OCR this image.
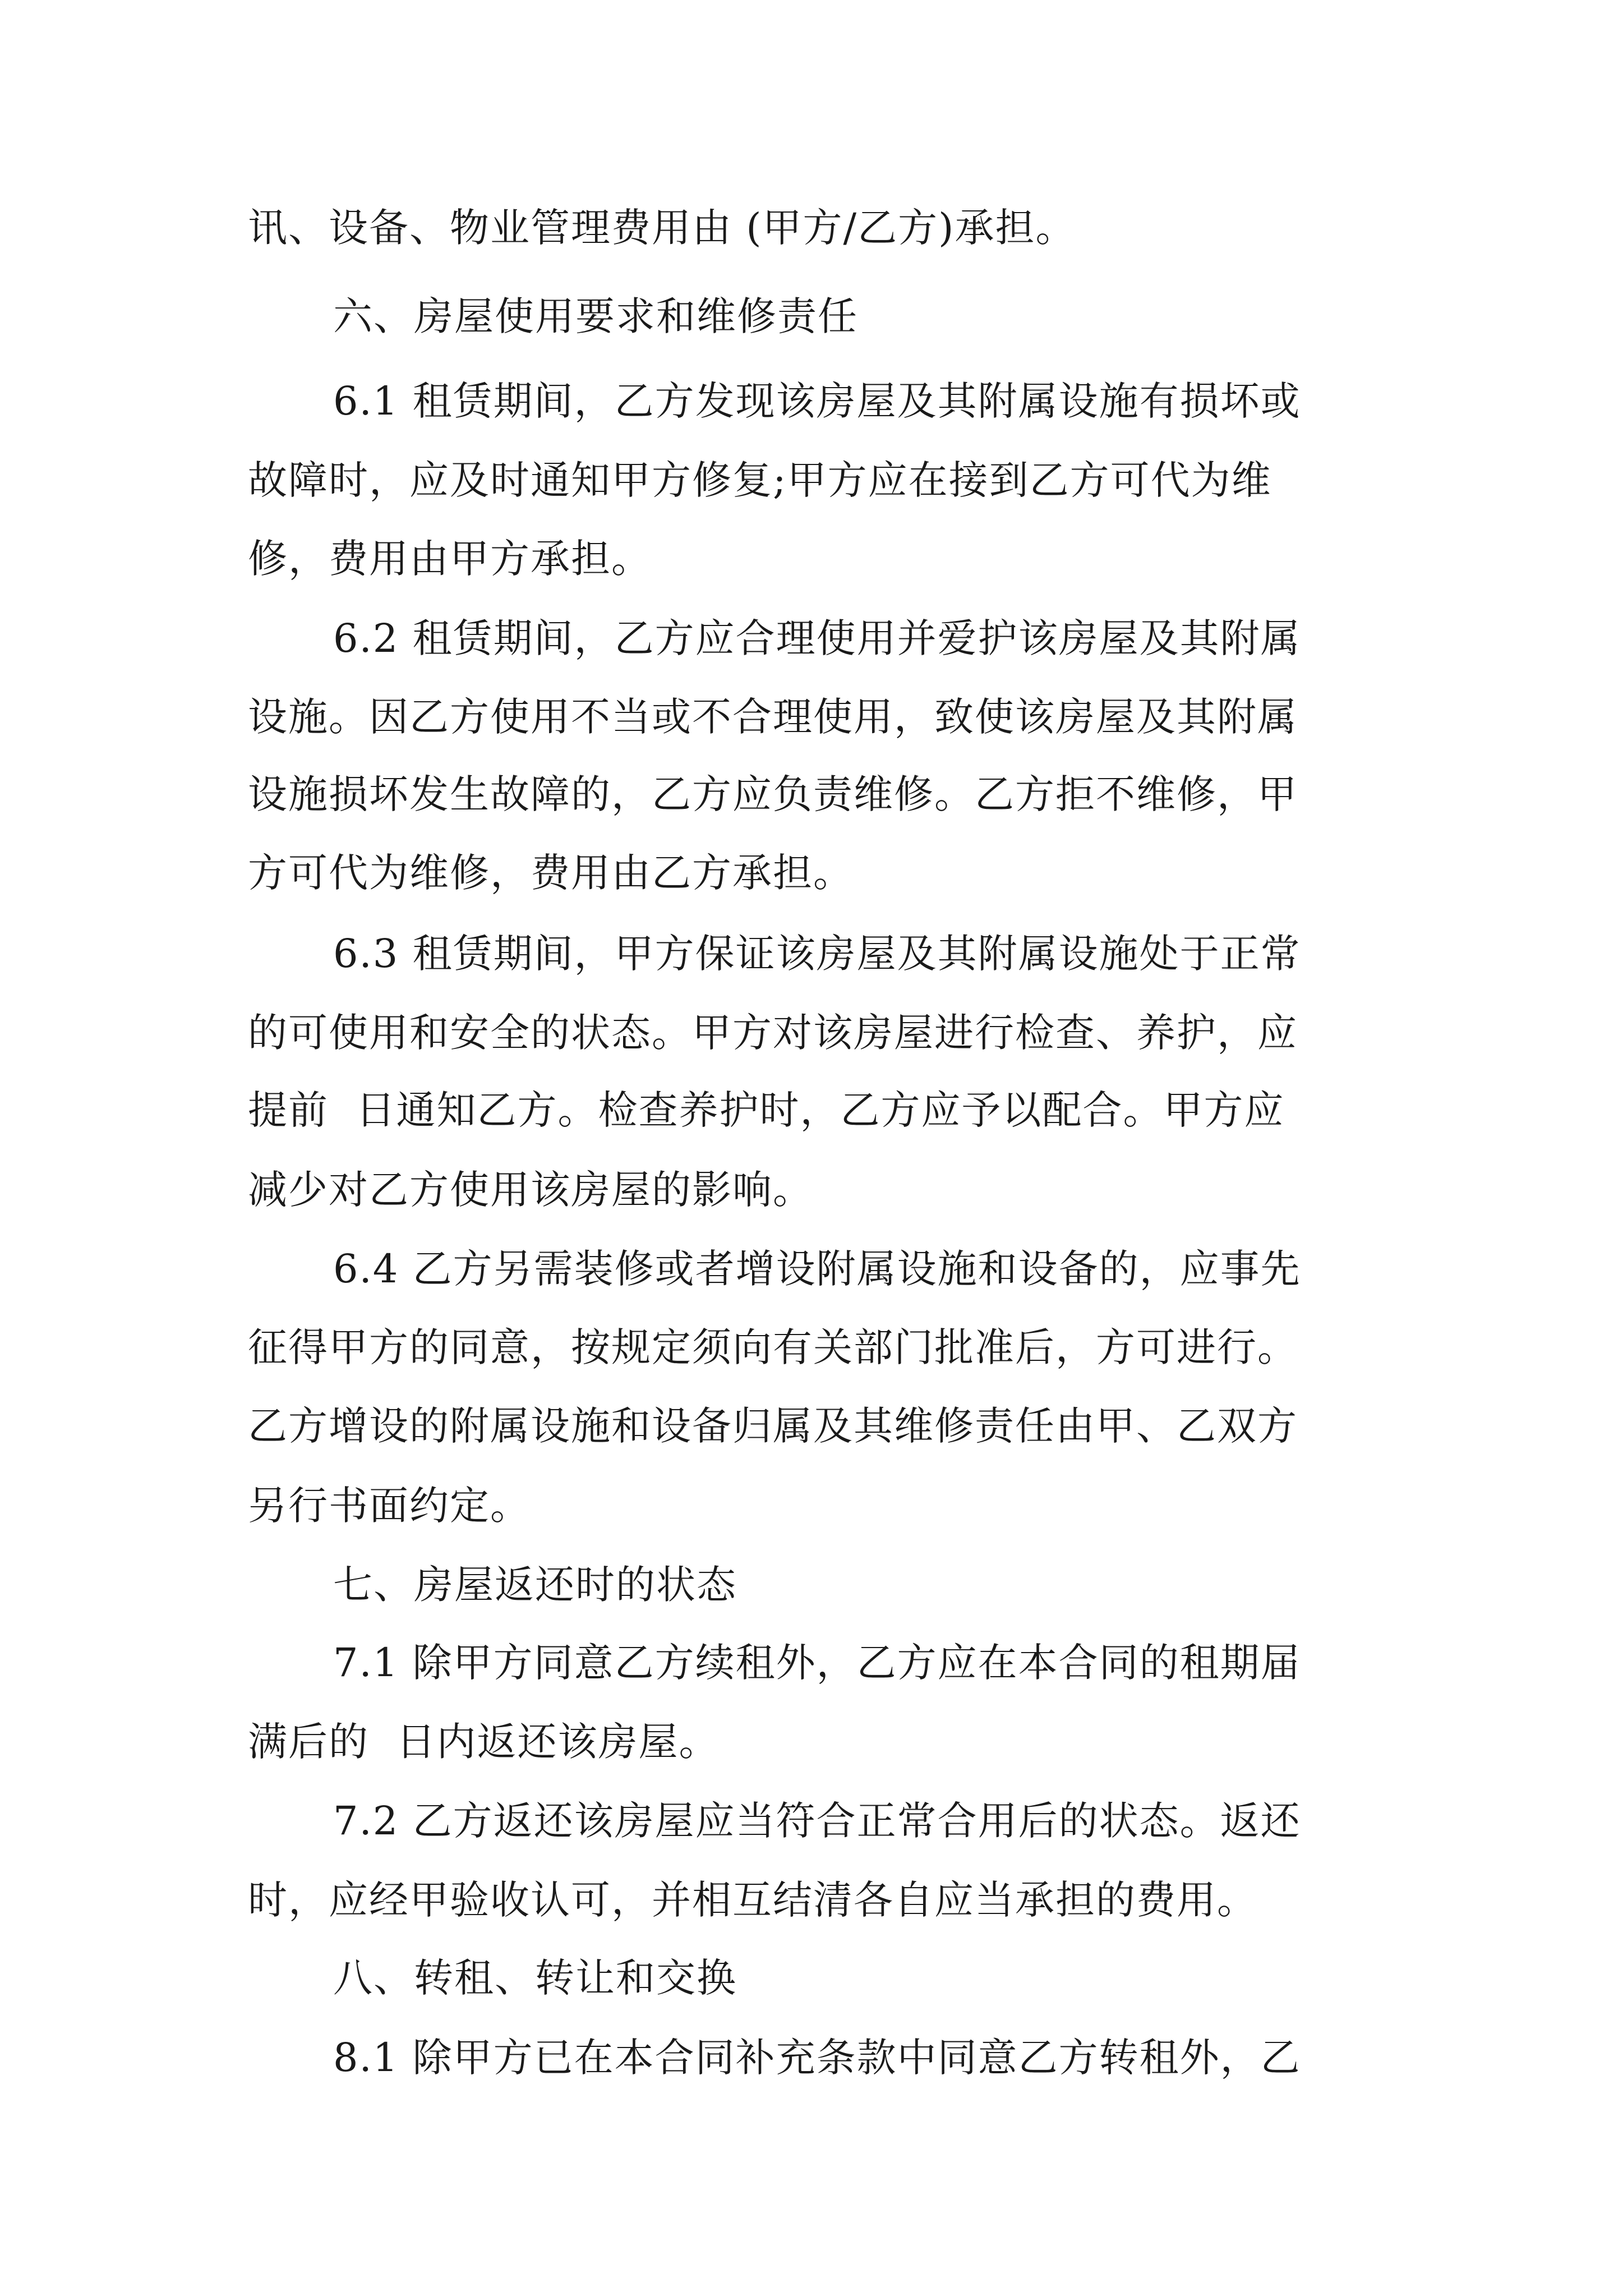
讯、设备、物业管理费用由 (甲方/乙方)承担。
六、房屋使用要求和维修责任
6.1 租赁期间，乙方发现该房屋及其附属设施有损坏或
故障时，应及时通知甲方修复;甲方应在接到乙方可代为维
修，费用由甲方承担。
6.2 租赁期间，乙方应合理使用并爱护该房屋及其附属
设施。因乙方使用不当或不合理使用，致使该房屋及其附属
设施损坏发生故障的，乙方应负责维修。乙方拒不维修，甲
方可代为维修，费用由乙方承担。
6.3 租赁期间，甲方保证该房屋及其附属设施处于正常
的可使用和安全的状态。甲方对该房屋进行检查、养护，应
提前  日通知乙方。检查养护时，乙方应予以配合。甲方应
减少对乙方使用该房屋的影响。
6.4 乙方另需装修或者增设附属设施和设备的，应事先
征得甲方的同意，按规定须向有关部门批准后，方可进行。
乙方增设的附属设施和设备归属及其维修责任由甲、乙双方
另行书面约定。
七、房屋返还时的状态
7.1 除甲方同意乙方续租外，乙方应在本合同的租期届
满后的  日内返还该房屋。
7.2 乙方返还该房屋应当符合正常合用后的状态。返还
时，应经甲验收认可，并相互结清各自应当承担的费用。
八、转租、转让和交换
8.1 除甲方已在本合同补充条款中同意乙方转租外，乙
